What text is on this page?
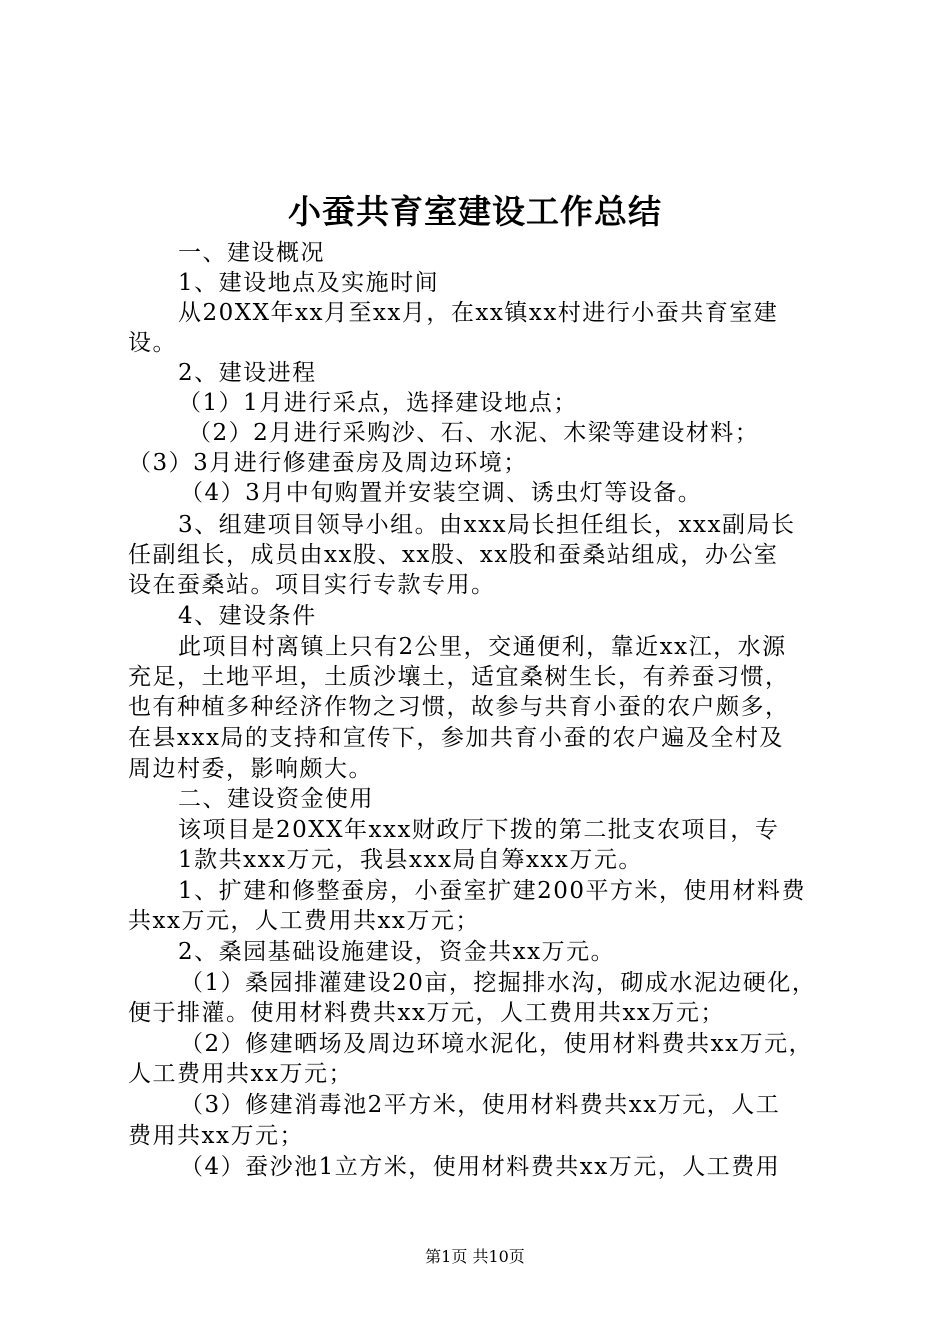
小蚕共育室建设工作总结
一、建设概况
1、建设地点及实施时间
从20XX年xx月至xx月，在xx镇xx村进行小蚕共育室建
设。
2、建设进程
（1）1月进行采点，选择建设地点；
（2）2月进行采购沙、石、水泥、木梁等建设材料；
（3）3月进行修建蚕房及周边环境；
（4）3月中旬购置并安装空调、诱虫灯等设备。
3、组建项目领导小组。由xxx局长担任组长，xxx副局长
任副组长，成员由xx股、xx股、xx股和蚕桑站组成，办公室
设在蚕桑站。项目实行专款专用。
4、建设条件
此项目村离镇上只有2公里，交通便利，靠近xx江，水源
充足，土地平坦，土质沙壤土，适宜桑树生长，有养蚕习惯，
也有种植多种经济作物之习惯，故参与共育小蚕的农户颇多，
在县xxx局的支持和宣传下，参加共育小蚕的农户遍及全村及
周边村委，影响颇大。
二、建设资金使用
该项目是20XX年xxx财政厅下拨的第二批支农项目，专
1款共xxx万元，我县xxx局自筹xxx万元。
1、扩建和修整蚕房，小蚕室扩建200平方米，使用材料费
共xx万元，人工费用共xx万元；
2、桑园基础设施建设，资金共xx万元。
（1）桑园排灌建设20亩，挖掘排水沟，砌成水泥边硬化，
便于排灌。使用材料费共xx万元，人工费用共xx万元；
（2）修建晒场及周边环境水泥化，使用材料费共xx万元，
人工费用共xx万元；
（3）修建消毒池2平方米，使用材料费共xx万元，人工
费用共xx万元；
（4）蚕沙池1立方米，使用材料费共xx万元，人工费用
第1页 共10页
